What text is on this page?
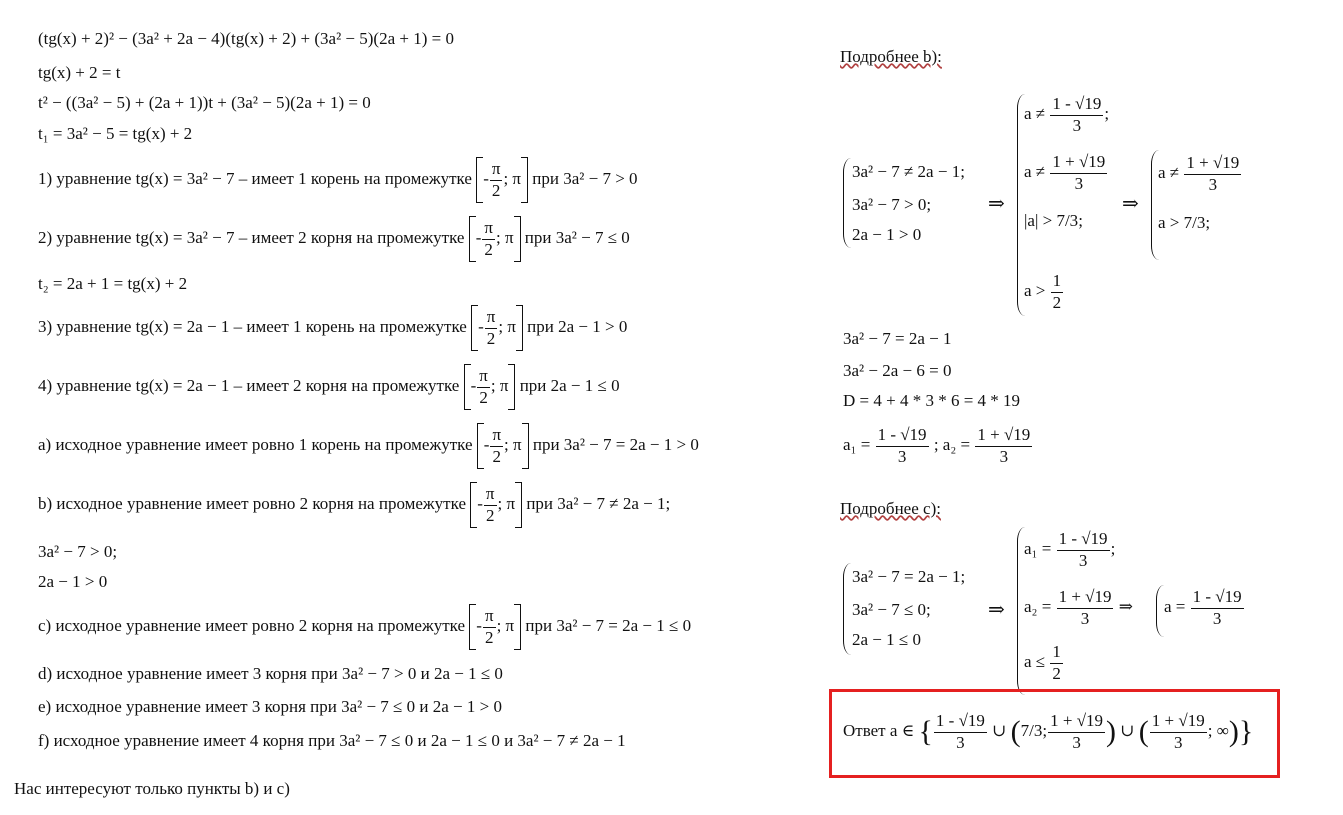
(tg(x) + 2)² − (3a² + 2a − 4)(tg(x) + 2) + (3a² − 5)(2a + 1) = 0
tg(x) + 2 = t
t² − ((3a² − 5) + (2a + 1))t + (3a² − 5)(2a + 1) = 0
t₁ = 3a² − 5 = tg(x) + 2
1) уравнение tg(x) = 3a² − 7 – имеет 1 корень на промежутке - $\frac{\pi}{2}$ ; π при 3a² − 7 > 0
2) уравнение tg(x) = 3a² − 7 – имеет 2 корня на промежутке - $\frac{\pi}{2}$ ; π при 3a² − 7 ≤ 0
t₂ = 2a + 1 = tg(x) + 2
3) уравнение tg(x) = 2a − 1 – имеет 1 корень на промежутке - $\frac{\pi}{2}$ ; π при 2a − 1 > 0
4) уравнение tg(x) = 2a − 1 – имеет 2 корня на промежутке - $\frac{\pi}{2}$ ; π при 2a − 1 ≤ 0
a) исходное уравнение имеет ровно 1 корень на промежутке - $\frac{\pi}{2}$ ; π при 3a² − 7 = 2a − 1 > 0
b) исходное уравнение имеет ровно 2 корня на промежутке - $\frac{\pi}{2}$ ; π при 3a² − 7 ≠ 2a − 1;
3a² − 7 > 0;
2a − 1 > 0
c) исходное уравнение имеет ровно 2 корня на промежутке - $\frac{\pi}{2}$ ; π при 3a² − 7 = 2a − 1 ≤ 0
d) исходное уравнение имеет 3 корня при 3a² − 7 > 0 и 2a − 1 ≤ 0
e) исходное уравнение имеет 3 корня при 3a² − 7 ≤ 0 и 2a − 1 > 0
f) исходное уравнение имеет 4 корня при 3a² − 7 ≤ 0 и 2a − 1 ≤ 0 и 3a² − 7 ≠ 2a − 1
Нас интересуют только пункты b) и с)
Подробнее b):
3a² − 7 ≠ 2a − 1;
3a² − 7 > 0;
2a − 1 > 0
⇒
$a \ne \frac{1 - √19}{3}$ ;
$a \ne \frac{1 + √19}{3}$
|a| > 7/3;
$a > \frac{1}{2}$
⇒
$a \ne \frac{1 + √19}{3}$
a > 7/3;
3a² − 7 = 2a − 1
3a² − 2a − 6 = 0
D = 4 + 4 * 3 * 6 = 4 * 19
$a_1 = \frac{1 - √19}{3}$ ; $a_2 = \frac{1 + √19}{3}$
Подробнее с):
3a² − 7 = 2a − 1;
3a² − 7 ≤ 0;
2a − 1 ≤ 0
⇒
$a_1 = \frac{1 - √19}{3}$ ;
$a_2 = \frac{1 + √19}{3}$ ⇒
$a \le \frac{1}{2}$
$a = \frac{1 - √19}{3}$
Ответ a ∈ { $\frac{1 - √19}{3}$ ∪ (7/3; $\frac{1 + √19}{3}$ ) ∪ ( $\frac{1 + √19}{3}$ ; ∞)}
